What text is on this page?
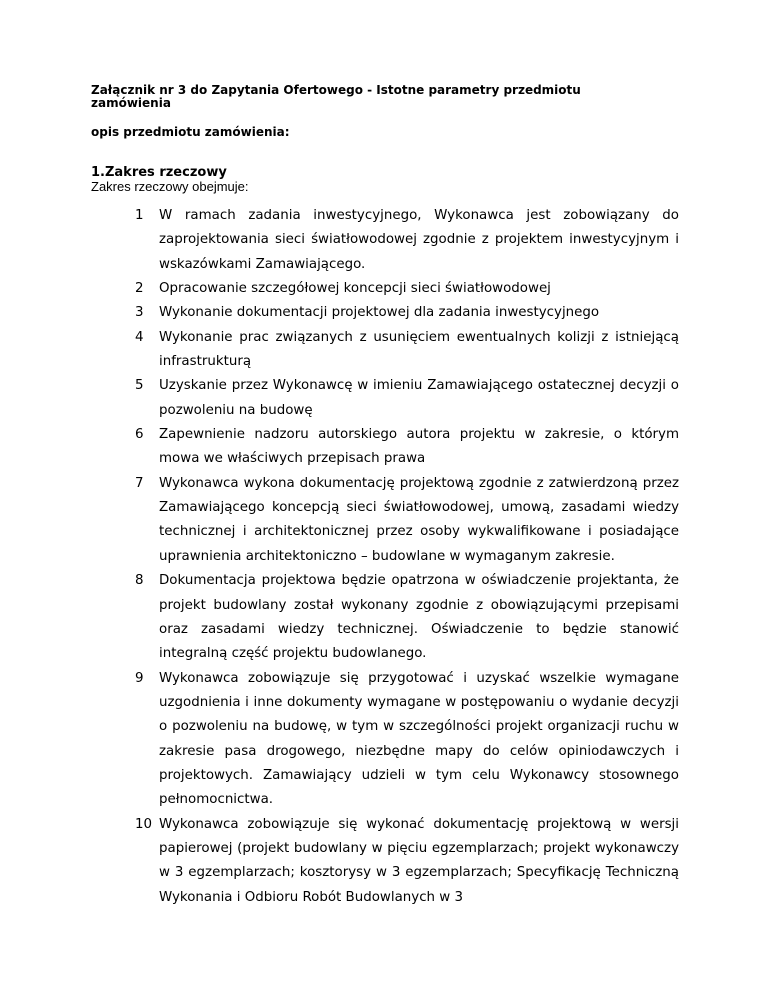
Załącznik nr 3 do Zapytania Ofertowego - Istotne parametry przedmiotu zamówienia
opis przedmiotu zamówienia:
1.Zakres rzeczowy
Zakres rzeczowy obejmuje:
1 W ramach zadania inwestycyjnego, Wykonawca jest zobowiązany do zaprojektowania sieci światłowodowej zgodnie z projektem inwestycyjnym i wskazówkami Zamawiającego.
2 Opracowanie szczegółowej koncepcji sieci światłowodowej
3 Wykonanie dokumentacji projektowej dla zadania inwestycyjnego
4 Wykonanie prac związanych z usunięciem ewentualnych kolizji z istniejącą infrastrukturą
5 Uzyskanie przez Wykonawcę w imieniu Zamawiającego ostatecznej decyzji o pozwoleniu na budowę
6 Zapewnienie nadzoru autorskiego autora projektu w zakresie, o którym mowa we właściwych przepisach prawa
7 Wykonawca wykona dokumentację projektową zgodnie z zatwierdzoną przez Zamawiającego koncepcją sieci światłowodowej, umową, zasadami wiedzy technicznej i architektonicznej przez osoby wykwalifikowane i posiadające uprawnienia architektoniczno – budowlane w wymaganym zakresie.
8 Dokumentacja projektowa będzie opatrzona w oświadczenie projektanta, że projekt budowlany został wykonany zgodnie z obowiązującymi przepisami oraz zasadami wiedzy technicznej. Oświadczenie to będzie stanowić integralną część projektu budowlanego.
9 Wykonawca zobowiązuje się przygotować i uzyskać wszelkie wymagane uzgodnienia i inne dokumenty wymagane w postępowaniu o wydanie decyzji o pozwoleniu na budowę, w tym w szczególności projekt organizacji ruchu w zakresie pasa drogowego, niezbędne mapy do celów opiniodawczych i projektowych. Zamawiający udzieli w tym celu Wykonawcy stosownego pełnomocnictwa.
10 Wykonawca zobowiązuje się wykonać dokumentację projektową w wersji papierowej (projekt budowlany w pięciu egzemplarzach; projekt wykonawczy w 3 egzemplarzach; kosztorysy w 3 egzemplarzach; Specyfikację Techniczną Wykonania i Odbioru Robót Budowlanych w 3
